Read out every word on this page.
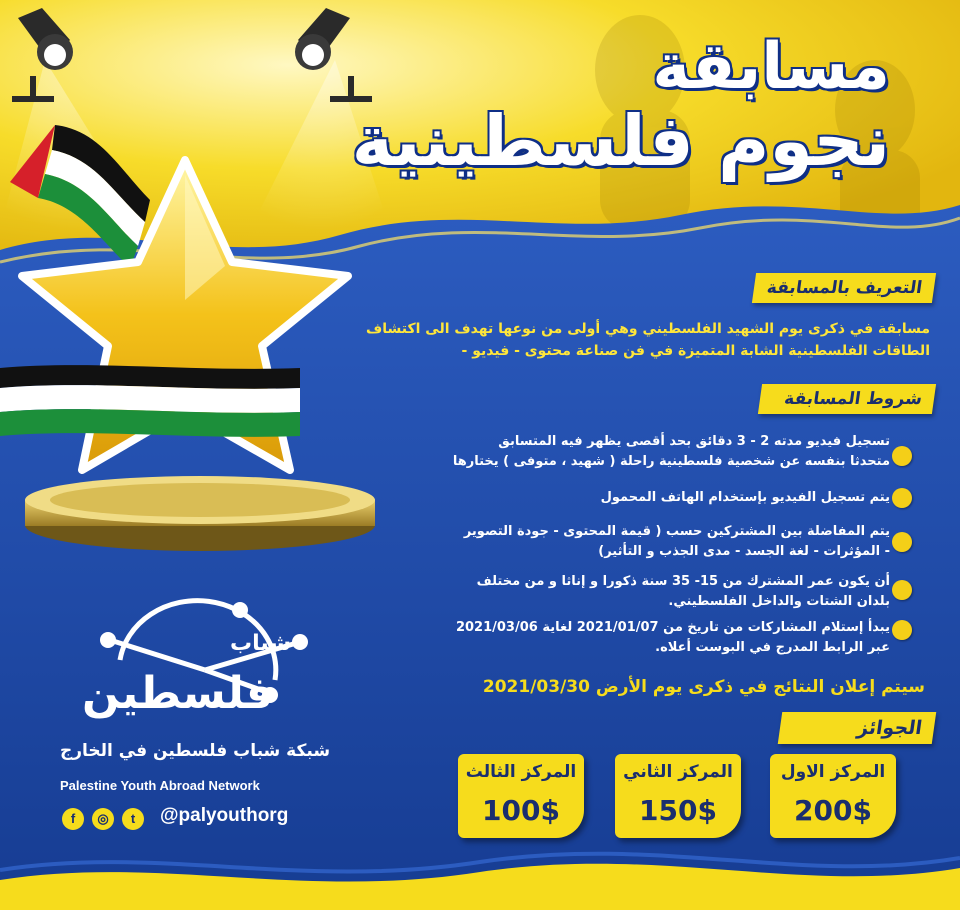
مسابقة
نجوم فلسطينية
التعريف بالمسابقة
مسابقة في ذكرى يوم الشهيد الفلسطيني وهي أولى من نوعها تهدف الى اكتشاف
الطاقات الفلسطينية الشابة المتميزة في فن صناعة محتوى - فيديو -
شروط المسابقة
تسجيل فيديو مدته 2 - 3 دقائق بحد أقصى يظهر فيه المتسابق
متحدثا بنفسه عن شخصية فلسطينية راحلة ( شهيد ، متوفى ) يختارها
يتم تسجيل الفيديو بإستخدام الهاتف المحمول
يتم المفاضلة بين المشتركين حسب ( قيمة المحتوى - جودة التصوير
- المؤثرات - لغة الجسد - مدى الجذب و التأثير)
أن يكون عمر المشترك من 15- 35 سنة ذكورا و إناثا و من مختلف
بلدان الشتات والداخل الفلسطيني.
يبدأ إستلام المشاركات من تاريخ من 2021/01/07 لغاية 2021/03/06
عبر الرابط المدرج في البوست أعلاه.
سيتم إعلان النتائج في ذكرى يوم الأرض 2021/03/30
الجوائز
المركز الاول
200$
المركز الثاني
150$
المركز الثالث
100$
شباب
فلسطين
شبكة شباب فلسطين في الخارج
Palestine Youth Abroad Network
f	◎	t	@palyouthorg
